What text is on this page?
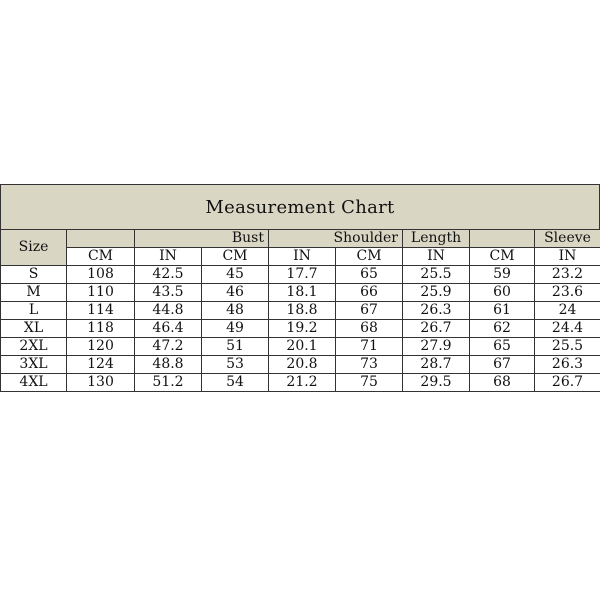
Measurement Chart
Size		Bust		Shoulder		Length		Sleeve
	CM	IN	CM	IN	CM	IN	CM	IN
S	108	42.5	45	17.7	65	25.5	59	23.2
M	110	43.5	46	18.1	66	25.9	60	23.6
L	114	44.8	48	18.8	67	26.3	61	24
XL	118	46.4	49	19.2	68	26.7	62	24.4
2XL	120	47.2	51	20.1	71	27.9	65	25.5
3XL	124	48.8	53	20.8	73	28.7	67	26.3
4XL	130	51.2	54	21.2	75	29.5	68	26.7
